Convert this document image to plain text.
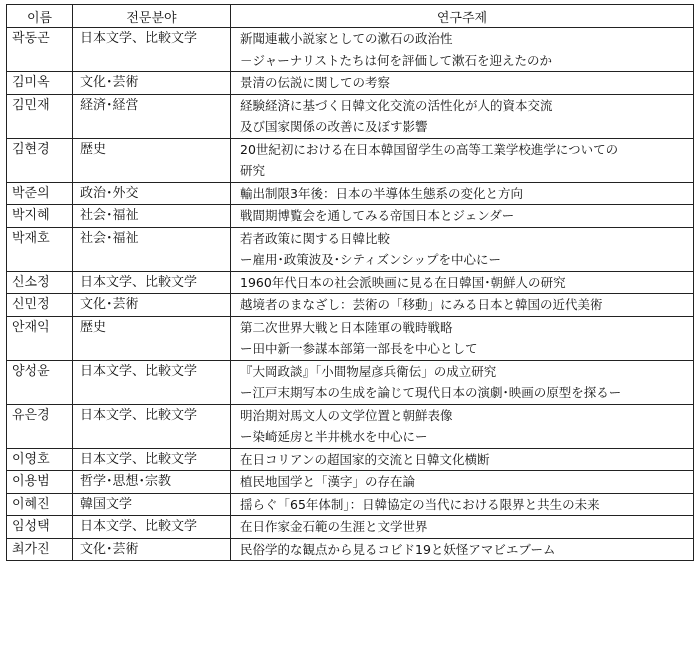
이름	전문분야	연구주제
곽동곤	日本文学、比較文学	新聞連載小説家としての漱石の政治性
－ジャーナリストたちは何を評価して漱石を迎えたのか

김미옥	文化･芸術	景清の伝説に関しての考察

김민재	経済･経営	経験経済に基づく日韓文化交流の活性化が人的資本交流
及び国家関係の改善に及ぼす影響

김현경	歴史	20世紀初における在日本韓国留学生の高等工業学校進学についての
研究

박준의	政治･外交	輸出制限3年後：日本の半導体生態系の変化と方向

박지혜	社会･福祉	戦間期博覧会を通してみる帝国日本とジェンダー

박재호	社会･福祉	若者政策に関する日韓比較
ー雇用･政策波及･シティズンシップを中心にー

신소정	日本文学、比較文学	1960年代日本の社会派映画に見る在日韓国･朝鮮人の研究

신민정	文化･芸術	越境者のまなざし：芸術の「移動」にみる日本と韓国の近代美術

안재익	歴史	第二次世界大戦と日本陸軍の戦時戦略
ー田中新一参謀本部第一部長を中心として

양성윤	日本文学、比較文学	『大岡政談』「小間物屋彦兵衛伝」の成立研究
ー江戸末期写本の生成を論じて現代日本の演劇･映画の原型を探るー

유은경	日本文学、比較文学	明治期対馬文人の文学位置と朝鮮表像
ー染崎延房と半井桃水を中心にー

이영호	日本文学、比較文学	在日コリアンの超国家的交流と日韓文化横断

이용범	哲学･思想･宗教	植民地国学と「漢字」の存在論

이혜진	韓国文学	揺らぐ「65年体制」：日韓協定の当代における限界と共生の未来

임성택	日本文学、比較文学	在日作家金石範の生涯と文学世界

최가진	文化･芸術	民俗学的な観点から見るコビド19と妖怪アマビエブーム
